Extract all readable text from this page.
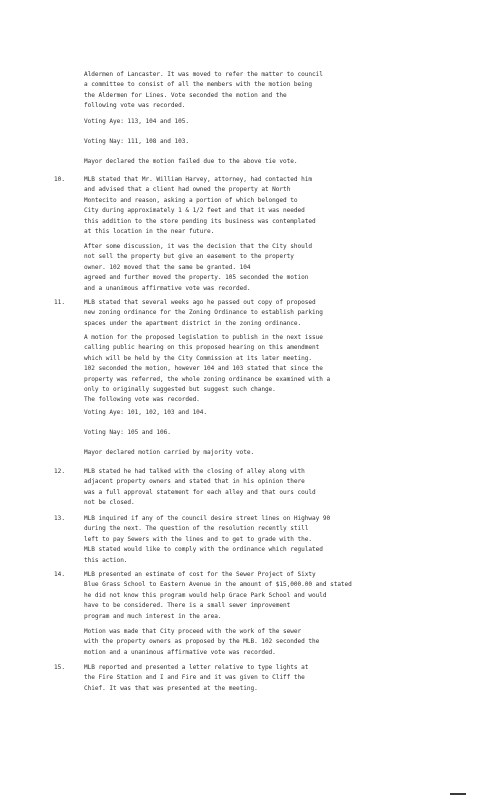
Aldermen of Lancaster. It was moved to refer the matter to council
a committee to consist of all the members with the motion being
the Aldermen for Lines. Vote seconded the motion and the
following vote was recorded.
Voting Aye: 113, 104 and 105.
Voting Nay: 111, 108 and 103.
Mayor declared the motion failed due to the above tie vote.
10.	MLB stated that Mr. William Harvey, attorney, had contacted him
and advised that a client had owned the property at North
Montecito and reason, asking a portion of which belonged to
City during approximately 1 & 1/2 feet and that it was needed
this addition to the store pending its business was contemplated
at this location in the near future.
After some discussion, it was the decision that the City should
not sell the property but give an easement to the property
owner. 102 moved that the same be granted. 104
agreed and further moved the property. 105 seconded the motion
and a unanimous affirmative vote was recorded.
11.	MLB stated that several weeks ago he passed out copy of proposed
new zoning ordinance for the Zoning Ordinance to establish parking
spaces under the apartment district in the zoning ordinance.
A motion for the proposed legislation to publish in the next issue
calling public hearing on this proposed hearing on this amendment
which will be held by the City Commission at its later meeting.
102 seconded the motion, however 104 and 103 stated that since the
property was referred, the whole zoning ordinance be examined with a
only to originally suggested but suggest such change.
The following vote was recorded.
Voting Aye: 101, 102, 103 and 104.
Voting Nay: 105 and 106.
Mayor declared motion carried by majority vote.
12.	MLB stated he had talked with the closing of alley along with
adjacent property owners and stated that in his opinion there
was a full approval statement for each alley and that ours could
not be closed.
13.	MLB inquired if any of the council desire street lines on Highway 90
during the next. The question of the resolution recently still
left to pay Sewers with the lines and to get to grade with the.
MLB stated would like to comply with the ordinance which regulated
this action.
14.	MLB presented an estimate of cost for the Sewer Project of Sixty
Blue Grass School to Eastern Avenue in the amount of $15,000.00 and stated
he did not know this program would help Grace Park School and would
have to be considered. There is a small sewer improvement
program and much interest in the area.
Motion was made that City proceed with the work of the sewer
with the property owners as proposed by the MLB. 102 seconded the
motion and a unanimous affirmative vote was recorded.
15.	MLB reported and presented a letter relative to type lights at
the Fire Station and I and Fire and it was given to Cliff the
Chief. It was that was presented at the meeting.
